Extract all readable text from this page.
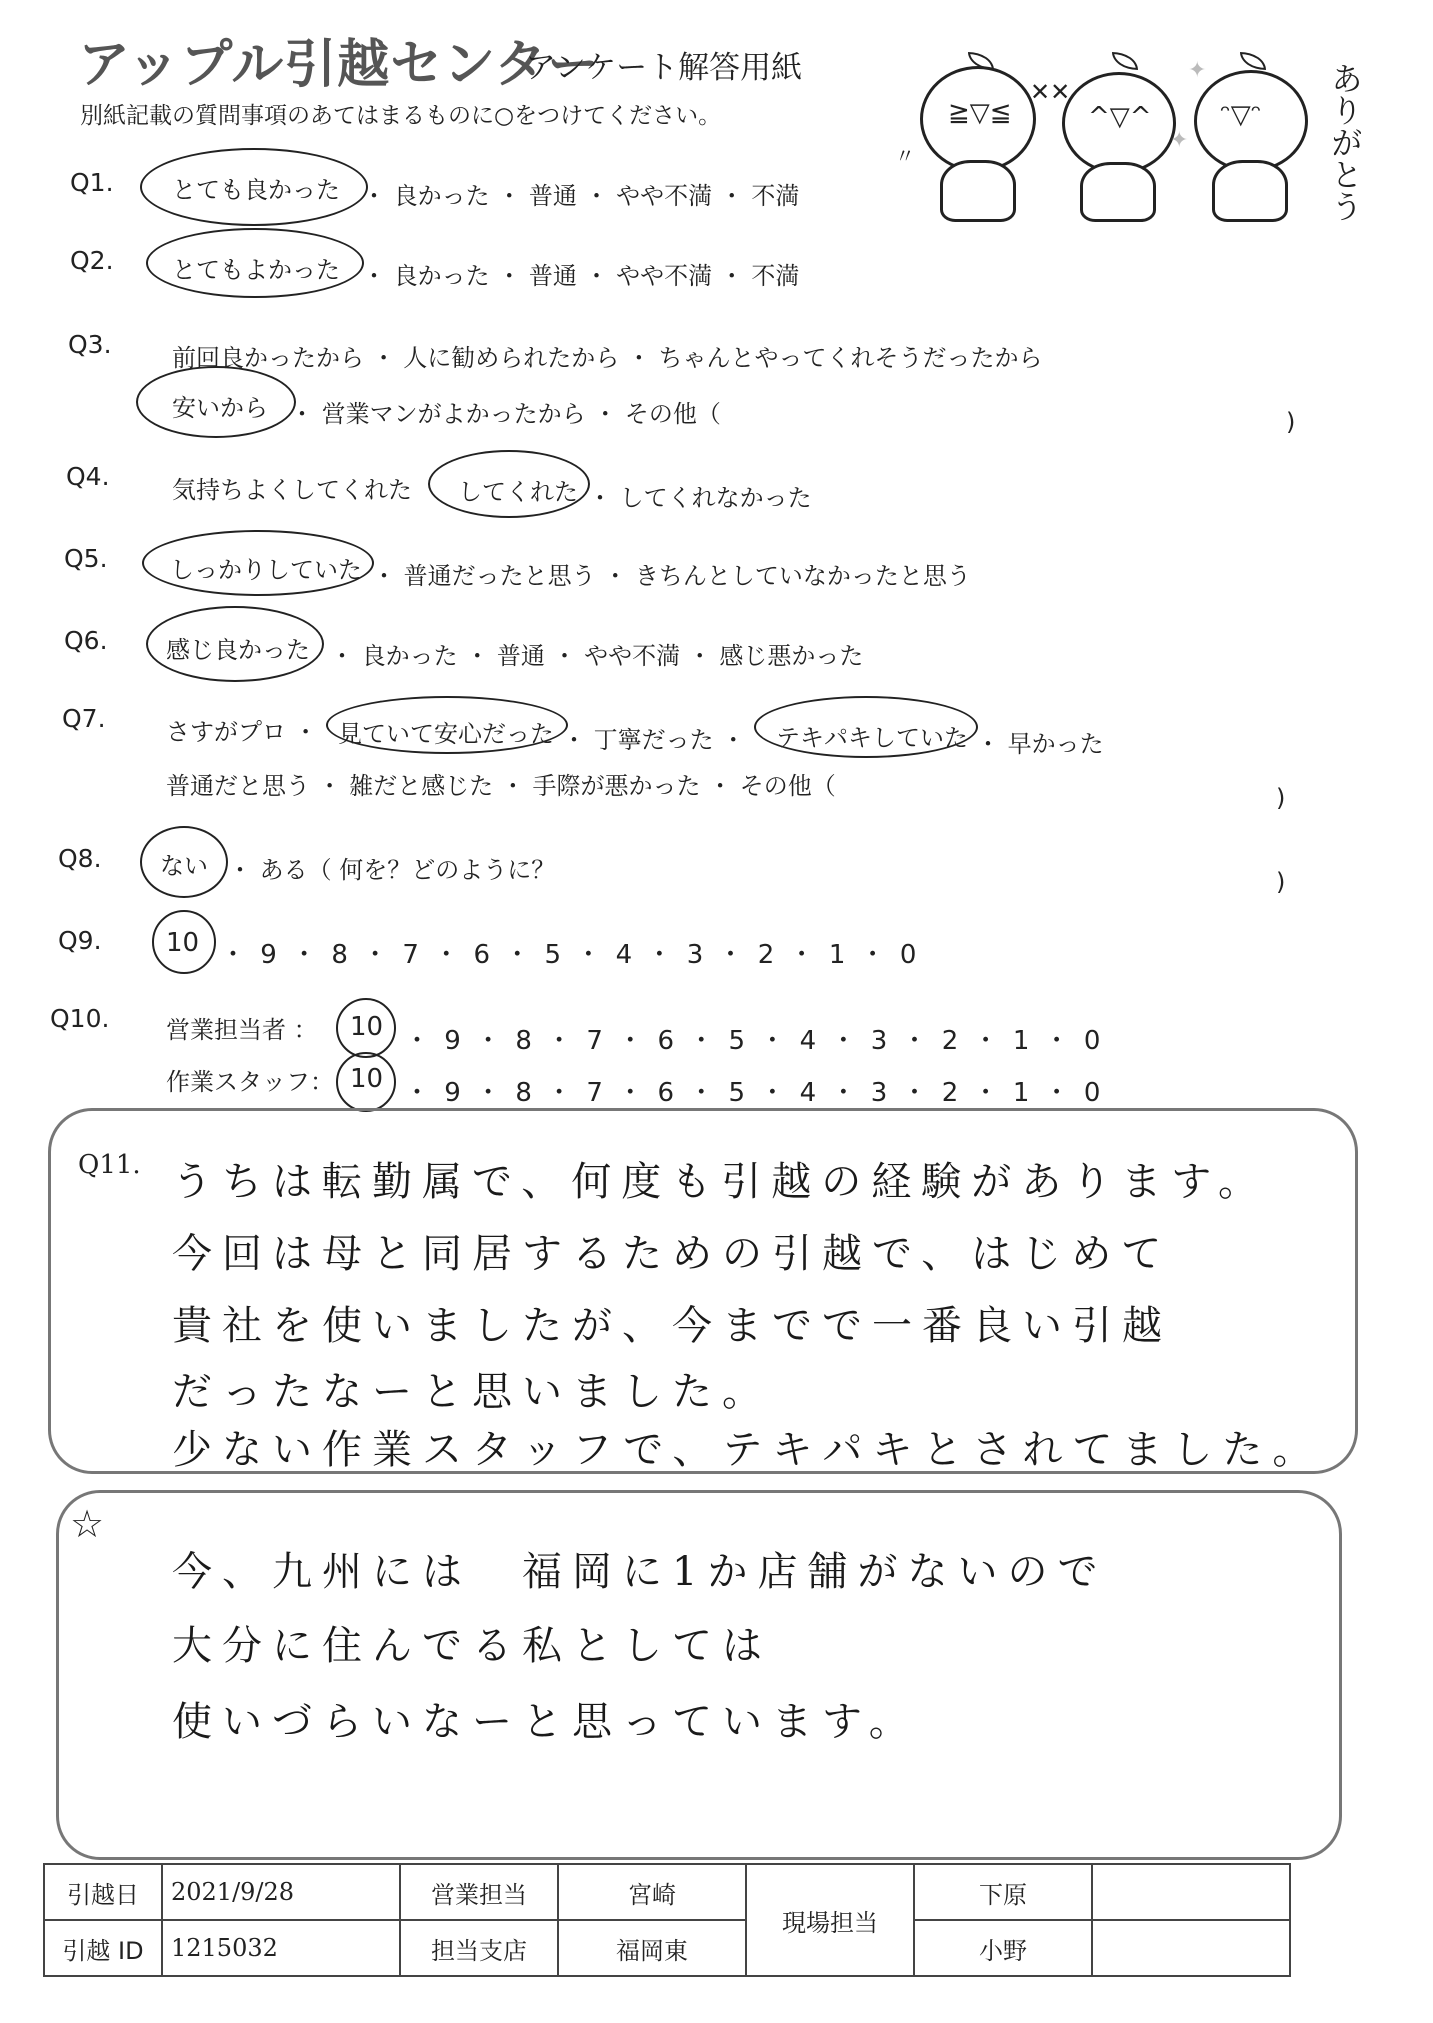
アップル引越センター
アンケート解答用紙
別紙記載の質問事項のあてはまるものに○をつけてください。	≧▽≦
〃
^▽^
✕✕
ᵔ▽ᵔ
✦
✦	ありがとう
Q1. とても良かった ・ 良かった ・ 普通 ・ やや不満 ・ 不満
Q2. とてもよかった ・ 良かった ・ 普通 ・ やや不満 ・ 不満
Q3.	前回良かったから ・ 人に勧められたから ・ ちゃんとやってくれそうだったから
安いから ・ 営業マンがよかったから ・ その他（	)
Q4.	気持ちよくしてくれた してくれた ・ してくれなかった
Q5.	しっかりしていた ・ 普通だったと思う ・ きちんとしていなかったと思う
Q6. 感じ良かった ・ 良かった ・ 普通 ・ やや不満 ・ 感じ悪かった
Q7.	さすがプロ ・ 見ていて安心だった ・ 丁寧だった ・ テキパキしていた ・ 早かった
普通だと思う ・ 雑だと感じた ・ 手際が悪かった ・ その他（	)
Q8. ない ・ ある（ 何を？どのように？	)
Q9. 10 ・ 9 ・ 8 ・ 7 ・ 6 ・ 5 ・ 4 ・ 3 ・ 2 ・ 1 ・ 0
Q10. 営業担当者 ： 10 ・ 9 ・ 8 ・ 7 ・ 6 ・ 5 ・ 4 ・ 3 ・ 2 ・ 1 ・ 0
作業スタッフ： 10 ・ 9 ・ 8 ・ 7 ・ 6 ・ 5 ・ 4 ・ 3 ・ 2 ・ 1 ・ 0
Q11. うちは転勤属で、何度も引越の経験があります。
今回は母と同居するための引越で、はじめて
貴社を使いましたが、今までで一番良い引越
だったなーと思いました。
少ない作業スタッフで、テキパキとされてました。
☆
今、九州には　福岡に1か店舗がないので
大分に住んでる私としては
使いづらいなーと思っています。
引越日	2021/9/28	営業担当	宮崎	現場担当	下原	
引越 ID	1215032	担当支店	福岡東		小野	
